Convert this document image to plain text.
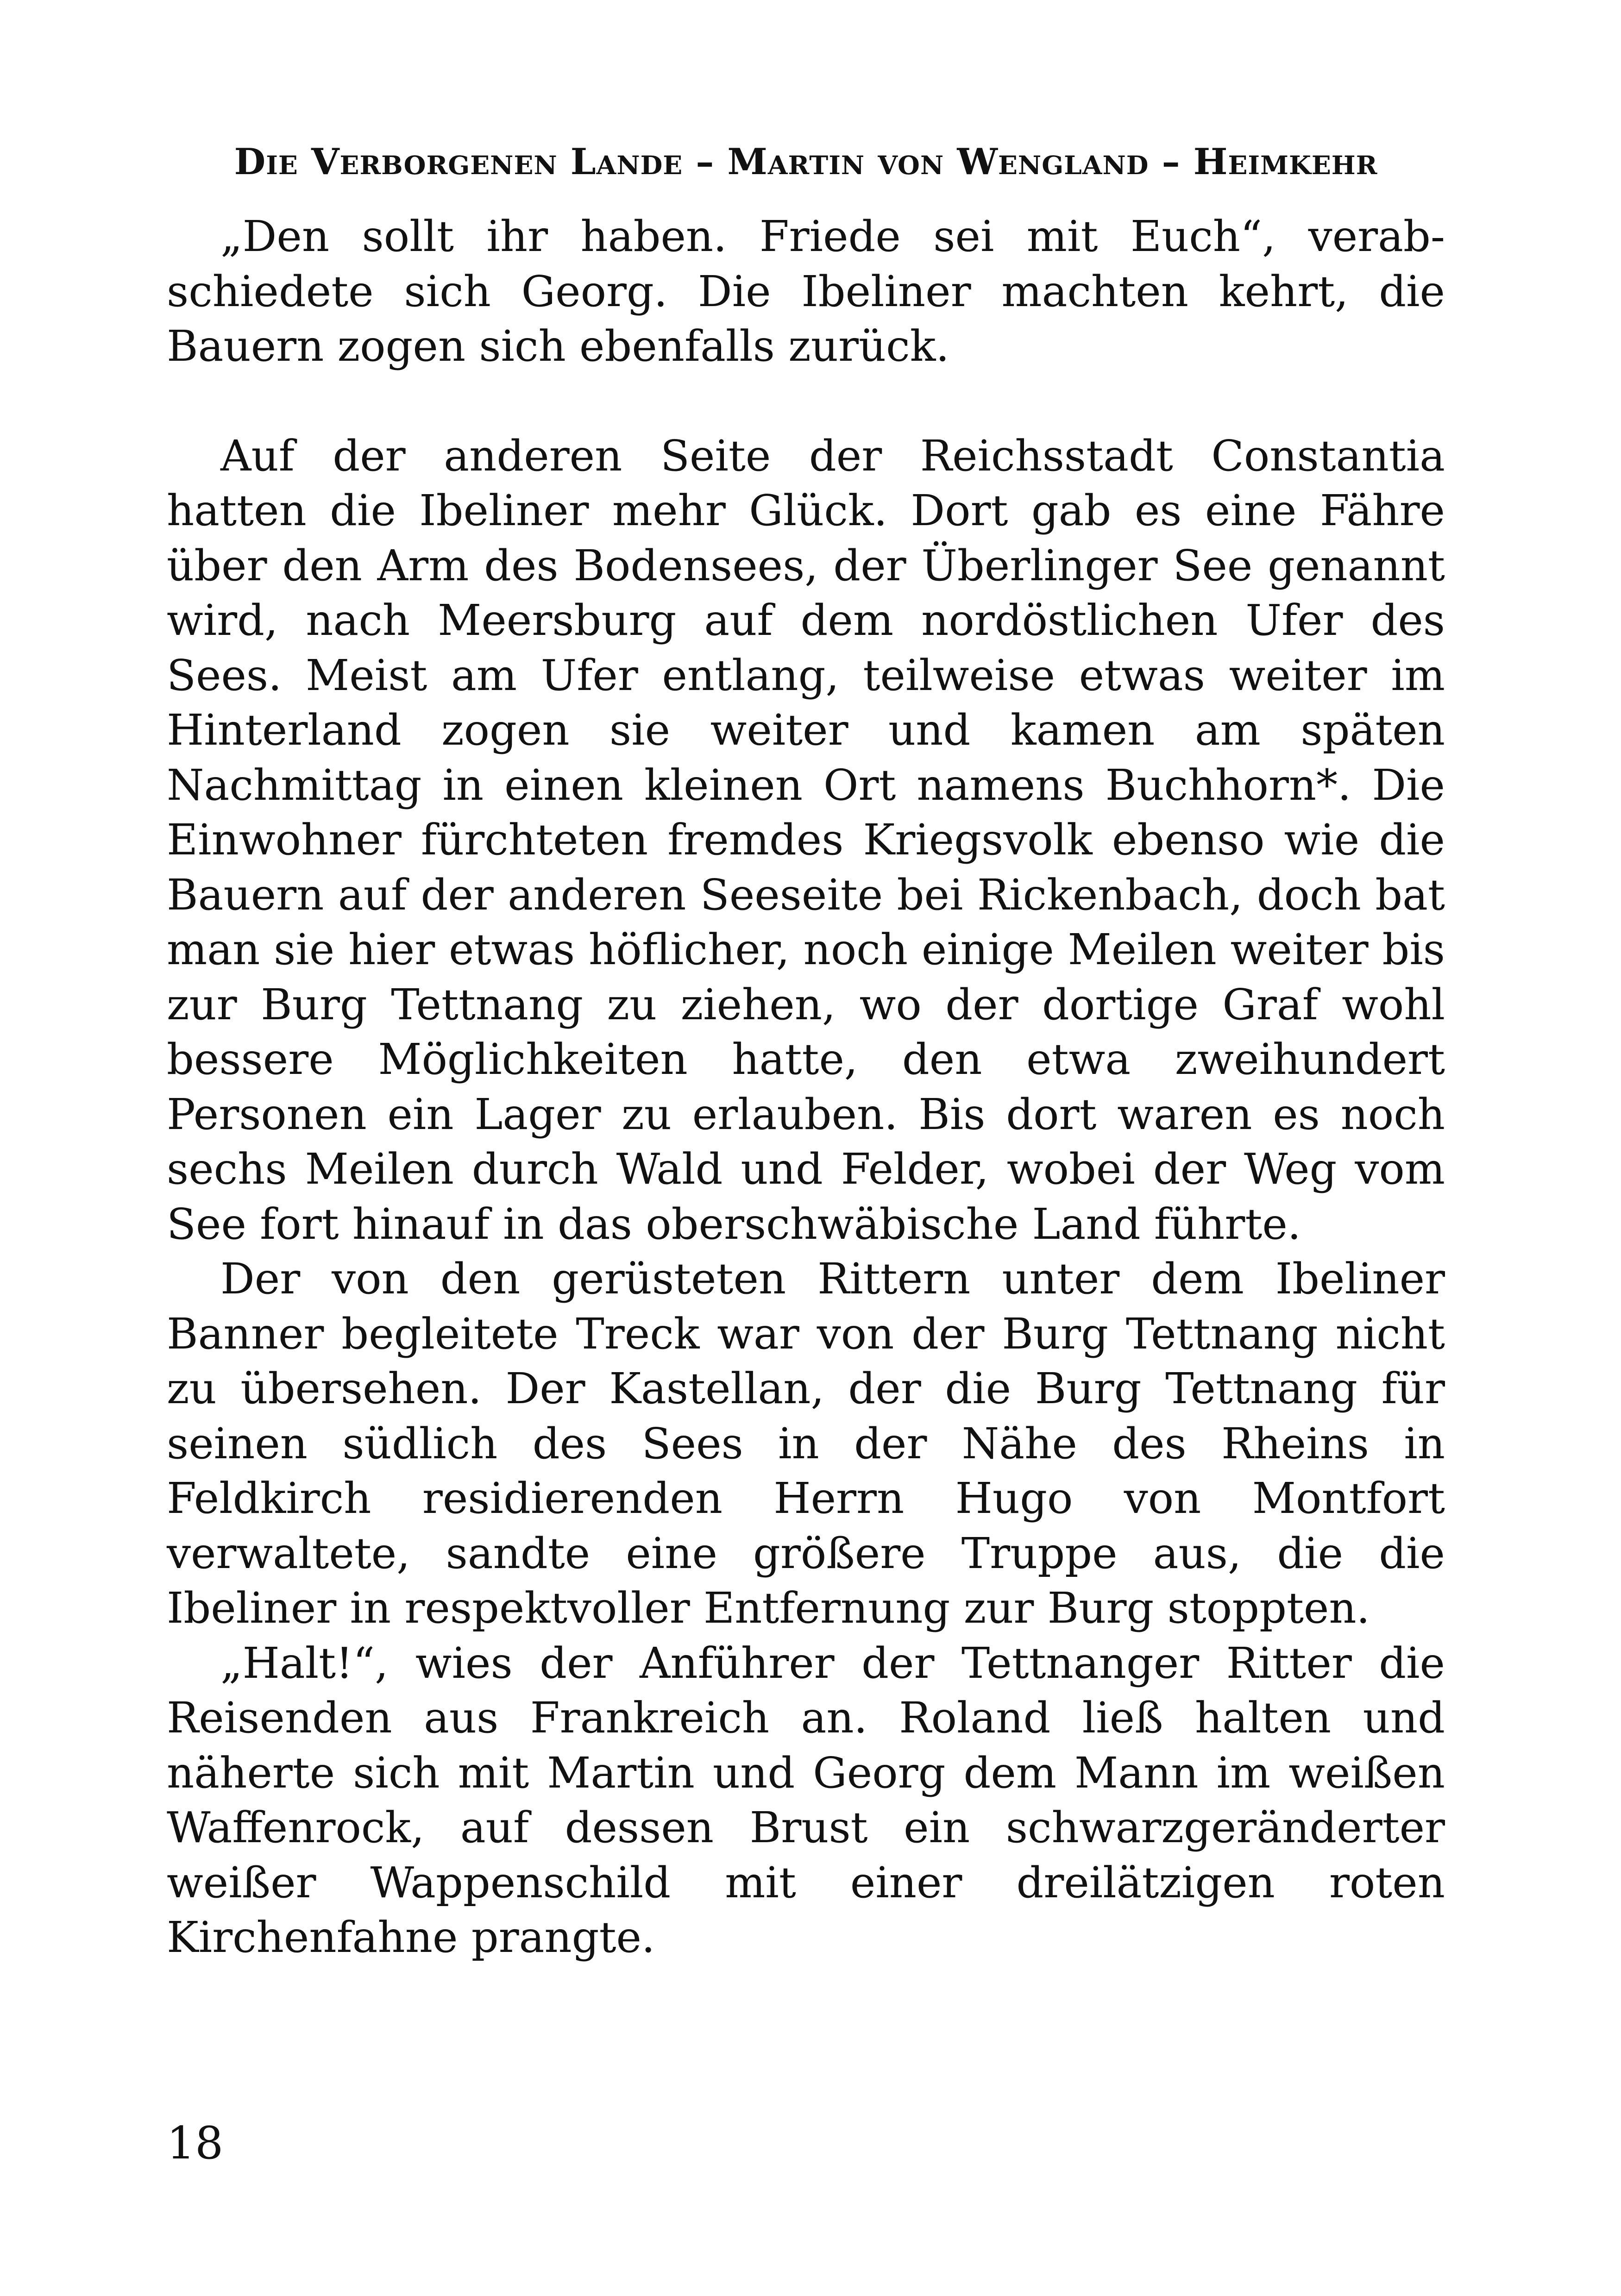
Die Verborgenen Lande – Martin von Wengland – Heimkehr

„Den sollt ihr haben. Friede sei mit Euch“, verabschiedete sich Georg. Die Ibeliner machten kehrt, die Bauern zogen sich ebenfalls zurück.

Auf der anderen Seite der Reichsstadt Constantia hatten die Ibeliner mehr Glück. Dort gab es eine Fähre über den Arm des Bodensees, der Überlinger See genannt wird, nach Meersburg auf dem nordöstlichen Ufer des Sees. Meist am Ufer entlang, teilweise etwas weiter im Hinterland zogen sie weiter und kamen am späten Nachmittag in einen kleinen Ort namens Buchhorn*. Die Einwohner fürchteten fremdes Kriegsvolk ebenso wie die Bauern auf der anderen Seeseite bei Rickenbach, doch bat man sie hier etwas höflicher, noch einige Meilen weiter bis zur Burg Tettnang zu ziehen, wo der dortige Graf wohl bessere Möglichkeiten hatte, den etwa zweihundert Personen ein Lager zu erlauben. Bis dort waren es noch sechs Meilen durch Wald und Felder, wobei der Weg vom See fort hinauf in das oberschwäbische Land führte.

Der von den gerüsteten Rittern unter dem Ibeliner Banner begleitete Treck war von der Burg Tettnang nicht zu übersehen. Der Kastellan, der die Burg Tettnang für seinen südlich des Sees in der Nähe des Rheins in Feldkirch residierenden Herrn Hugo von Montfort verwaltete, sandte eine größere Truppe aus, die die Ibeliner in respektvoller Entfernung zur Burg stoppten.

„Halt!“, wies der Anführer der Tettnanger Ritter die Reisenden aus Frankreich an. Roland ließ halten und näherte sich mit Martin und Georg dem Mann im weißen Waffenrock, auf dessen Brust ein schwarzgeränderter weißer Wappenschild mit einer dreilätzigen roten Kirchenfahne prangte.

18
